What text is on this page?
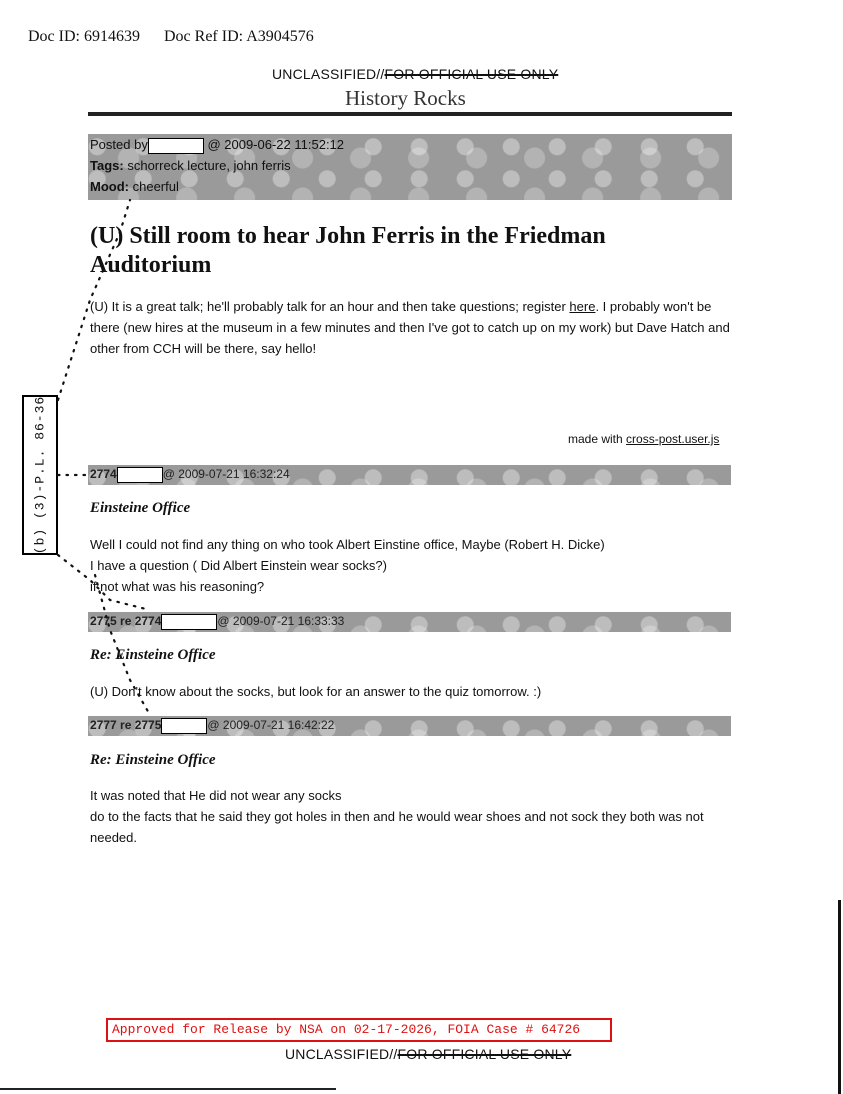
Doc ID: 6914639 Doc Ref ID: A3904576
UNCLASSIFIED//FOR OFFICIAL USE ONLY
History Rocks
Posted by	@ 2009-06-22 11:52:12
Tags: schorreck lecture, john ferris
Mood: cheerful
(U) Still room to hear John Ferris in the Friedman Auditorium
(U) It is a great talk; he'll probably talk for an hour and then take questions; register here. I probably won't be there (new hires at the museum in a few minutes and then I've got to catch up on my work) but Dave Hatch and other from CCH will be there, say hello!
made with cross-post.user.js
2774	@ 2009-07-21 16:32:24
Einsteine Office
Well I could not find any thing on who took Albert Einstine office, Maybe (Robert H. Dicke)
I have a question ( Did Albert Einstein wear socks?)
if not what was his reasoning?
2775 re 2774	@ 2009-07-21 16:33:33
Re: Einsteine Office
(U) Don't know about the socks, but look for an answer to the quiz tomorrow. :)
2777 re 2775	@ 2009-07-21 16:42:22
Re: Einsteine Office
It was noted that He did not wear any socks
do to the facts that he said they got holes in then and he would wear shoes and not sock they both was not needed.
(b) (3)-P.L. 86-36
Approved for Release by NSA on 02-17-2026, FOIA Case # 64726
UNCLASSIFIED//FOR OFFICIAL USE ONLY
